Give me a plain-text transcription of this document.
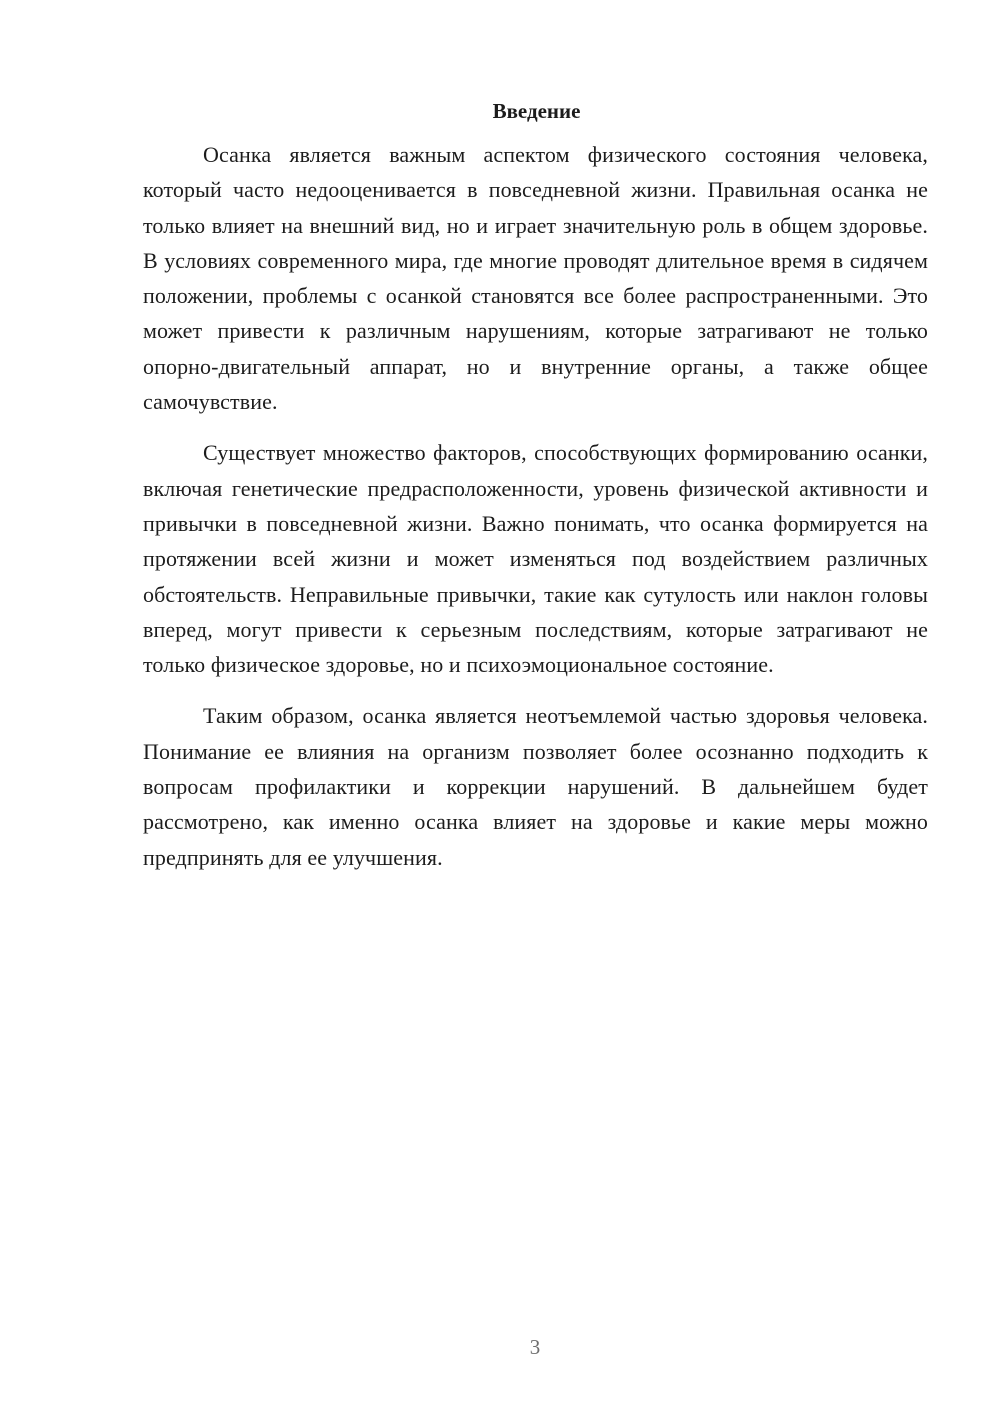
Введение

Осанка является важным аспектом физического состояния человека, который часто недооценивается в повседневной жизни. Правильная осанка не только влияет на внешний вид, но и играет значительную роль в общем здоровье. В условиях современного мира, где многие проводят длительное время в сидячем положении, проблемы с осанкой становятся все более распространенными. Это может привести к различным нарушениям, которые затрагивают не только опорно-двигательный аппарат, но и внутренние органы, а также общее самочувствие.

Существует множество факторов, способствующих формированию осанки, включая генетические предрасположенности, уровень физической активности и привычки в повседневной жизни. Важно понимать, что осанка формируется на протяжении всей жизни и может изменяться под воздействием различных обстоятельств. Неправильные привычки, такие как сутулость или наклон головы вперед, могут привести к серьезным последствиям, которые затрагивают не только физическое здоровье, но и психоэмоциональное состояние.

Таким образом, осанка является неотъемлемой частью здоровья человека. Понимание ее влияния на организм позволяет более осознанно подходить к вопросам профилактики и коррекции нарушений. В дальнейшем будет рассмотрено, как именно осанка влияет на здоровье и какие меры можно предпринять для ее улучшения.

3
